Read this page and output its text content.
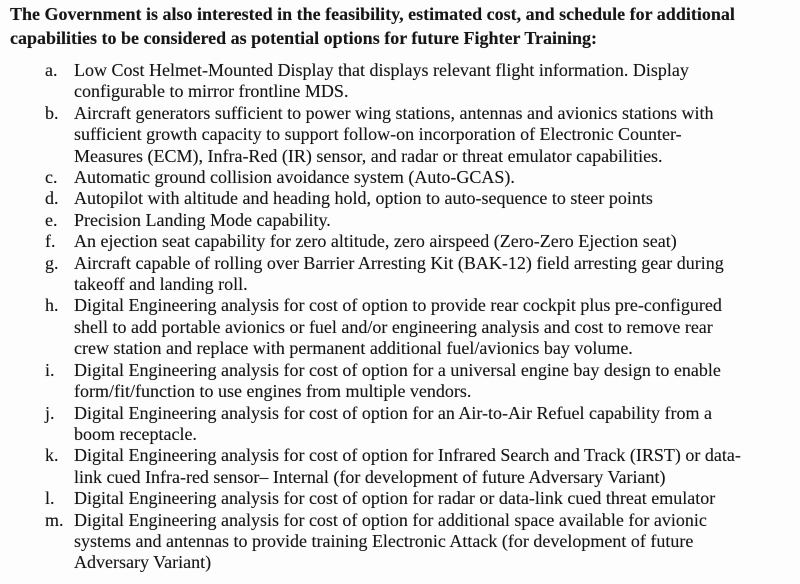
The Government is also interested in the feasibility, estimated cost, and schedule for additional
capabilities to be considered as potential options for future Fighter Training:
a. Low Cost Helmet-Mounted Display that displays relevant flight information. Display
configurable to mirror frontline MDS.
b. Aircraft generators sufficient to power wing stations, antennas and avionics stations with
sufficient growth capacity to support follow-on incorporation of Electronic Counter-
Measures (ECM), Infra-Red (IR) sensor, and radar or threat emulator capabilities.
c. Automatic ground collision avoidance system (Auto-GCAS).
d. Autopilot with altitude and heading hold, option to auto-sequence to steer points
e. Precision Landing Mode capability.
f.	An ejection seat capability for zero altitude, zero airspeed (Zero-Zero Ejection seat)
g. Aircraft capable of rolling over Barrier Arresting Kit (BAK-12) field arresting gear during
takeoff and landing roll.
h. Digital Engineering analysis for cost of option to provide rear cockpit plus pre-configured
shell to add portable avionics or fuel and/or engineering analysis and cost to remove rear
crew station and replace with permanent additional fuel/avionics bay volume.
i.	Digital Engineering analysis for cost of option for a universal engine bay design to enable
form/fit/function to use engines from multiple vendors.
j.	Digital Engineering analysis for cost of option for an Air-to-Air Refuel capability from a
boom receptacle.
k. Digital Engineering analysis for cost of option for Infrared Search and Track (IRST) or data-
link cued Infra-red sensor– Internal (for development of future Adversary Variant)
l.	Digital Engineering analysis for cost of option for radar or data-link cued threat emulator
m. Digital Engineering analysis for cost of option for additional space available for avionic
systems and antennas to provide training Electronic Attack (for development of future
Adversary Variant)
